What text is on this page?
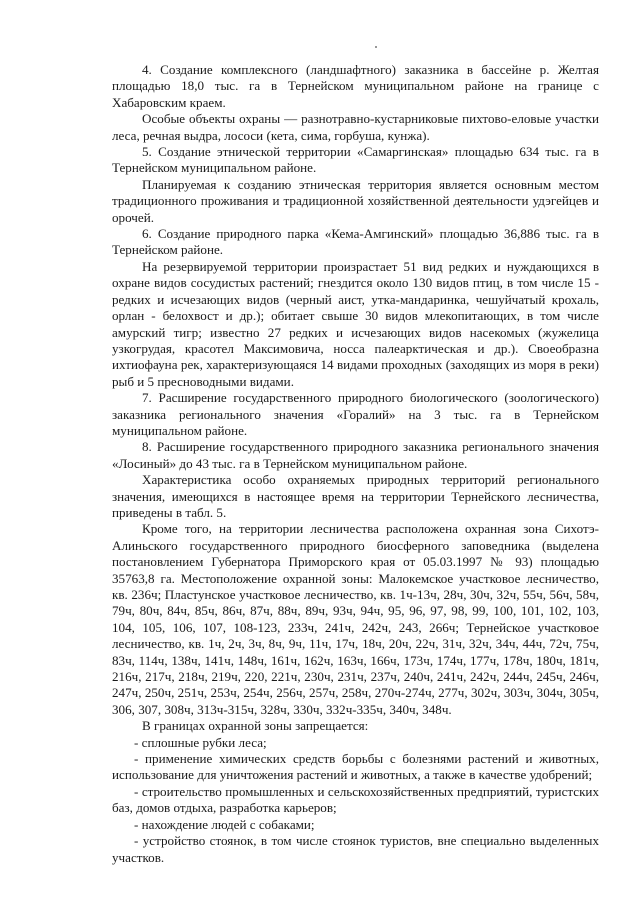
4. Создание комплексного (ландшафтного) заказника в бассейне р. Желтая площадью 18,0 тыс. га в Тернейском муниципальном районе на границе с Хабаровским краем.

Особые объекты охраны — разнотравно-кустарниковые пихтово-еловые участки леса, речная выдра, лососи (кета, сима, горбуша, кунжа).

5. Создание этнической территории «Самаргинская» площадью 634 тыс. га в Тернейском муниципальном районе.

Планируемая к созданию этническая территория является основным местом традиционного проживания и традиционной хозяйственной деятельности удэгейцев и орочей.

6. Создание природного парка «Кема-Амгинский» площадью 36,886 тыс. га в Тернейском районе.

На резервируемой территории произрастает 51 вид редких и нуждающихся в охране видов сосудистых растений; гнездится около 130 видов птиц, в том числе 15 - редких и исчезающих видов (черный аист, утка-мандаринка, чешуйчатый крохаль, орлан - белохвост и др.); обитает свыше 30 видов млекопитающих, в том числе амурский тигр; известно 27 редких и исчезающих видов насекомых (жужелица узкогрудая, красотел Максимовича, носса палеарктическая и др.). Своеобразна ихтиофауна рек, характеризующаяся 14 видами проходных (заходящих из моря в реки) рыб и 5 пресноводными видами.

7. Расширение государственного природного биологического (зоологического) заказника регионального значения «Горалий» на 3 тыс. га в Тернейском муниципальном районе.

8. Расширение государственного природного заказника регионального значения «Лосиный» до 43 тыс. га в Тернейском муниципальном районе.

Характеристика особо охраняемых природных территорий регионального значения, имеющихся в настоящее время на территории Тернейского лесничества, приведены в табл. 5.

Кроме того, на территории лесничества расположена охранная зона Сихотэ-Алиньского государственного природного биосферного заповедника (выделена постановлением Губернатора Приморского края от 05.03.1997 № 93) площадью 35763,8 га. Местоположение охранной зоны: Малокемское участковое лесничество, кв. 236ч; Пластунское участковое лесничество, кв. 1ч-13ч, 28ч, 30ч, 32ч, 55ч, 56ч, 58ч, 79ч, 80ч, 84ч, 85ч, 86ч, 87ч, 88ч, 89ч, 93ч, 94ч, 95, 96, 97, 98, 99, 100, 101, 102, 103, 104, 105, 106, 107, 108-123, 233ч, 241ч, 242ч, 243, 266ч; Тернейское участковое лесничество, кв. 1ч, 2ч, 3ч, 8ч, 9ч, 11ч, 17ч, 18ч, 20ч, 22ч, 31ч, 32ч, 34ч, 44ч, 72ч, 75ч, 83ч, 114ч, 138ч, 141ч, 148ч, 161ч, 162ч, 163ч, 166ч, 173ч, 174ч, 177ч, 178ч, 180ч, 181ч, 216ч, 217ч, 218ч, 219ч, 220, 221ч, 230ч, 231ч, 237ч, 240ч, 241ч, 242ч, 244ч, 245ч, 246ч, 247ч, 250ч, 251ч, 253ч, 254ч, 256ч, 257ч, 258ч, 270ч-274ч, 277ч, 302ч, 303ч, 304ч, 305ч, 306, 307, 308ч, 313ч-315ч, 328ч, 330ч, 332ч-335ч, 340ч, 348ч.

В границах охранной зоны запрещается:

- сплошные рубки леса;

- применение химических средств борьбы с болезнями растений и животных, использование для уничтожения растений и животных, а также в качестве удобрений;

- строительство промышленных и сельскохозяйственных предприятий, туристских баз, домов отдыха, разработка карьеров;

- нахождение людей с собаками;

- устройство стоянок, в том числе стоянок туристов, вне специально выделенных участков.
